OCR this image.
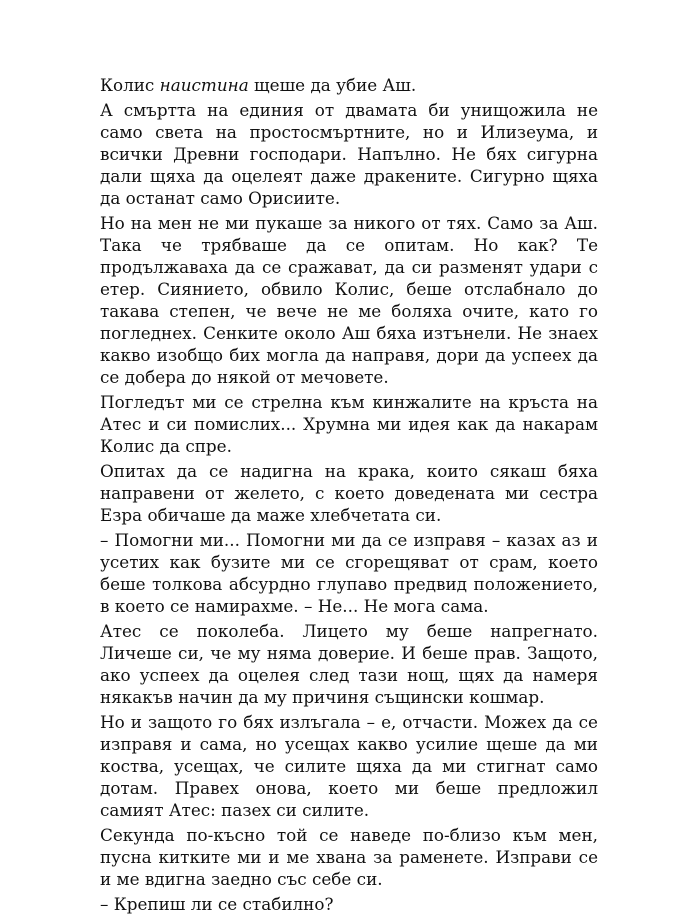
Колис наистина щеше да убие Аш.

А смъртта на единия от двамата би унищожила не само света на простосмъртните, но и Илизеума, и всички Древни господари. Напълно. Не бях сигурна дали щяха да оцелеят даже дракените. Сигурно щяха да останат само Орисиите.

Но на мен не ми пукаше за никого от тях. Само за Аш. Така че трябваше да се опитам. Но как? Те продължаваха да се сражават, да си разменят удари с етер. Сиянието, обвило Колис, беше отслабнало до такава степен, че вече не ме боляха очите, като го погледнех. Сенките около Аш бяха изтънели. Не знаех какво изобщо бих могла да направя, дори да успеех да се добера до някой от мечовете.

Погледът ми се стрелна към кинжалите на кръста на Атес и си помислих... Хрумна ми идея как да накарам Колис да спре.

Опитах да се надигна на крака, които сякаш бяха направени от желето, с което доведената ми сестра Езра обичаше да маже хлебчетата си.

– Помогни ми... Помогни ми да се изправя – казах аз и усетих как бузите ми се сгорещяват от срам, което беше толкова абсурдно глупаво предвид положението, в което се намирахме. – Не... Не мога сама.

Атес се поколеба. Лицето му беше напрегнато. Личеше си, че му няма доверие. И беше прав. Защото, ако успеех да оцелея след тази нощ, щях да намеря някакъв начин да му причиня същински кошмар.

Но и защото го бях излъгала – е, отчасти. Можех да се изправя и сама, но усещах какво усилие щеше да ми коства, усещах, че силите щяха да ми стигнат само дотам. Правех онова, което ми беше предложил самият Атес: пазех си силите.

Секунда по-късно той се наведе по-близо към мен, пусна китките ми и ме хвана за раменете. Изправи се и ме вдигна заедно със себе си.

– Крепиш ли се стабилно?
